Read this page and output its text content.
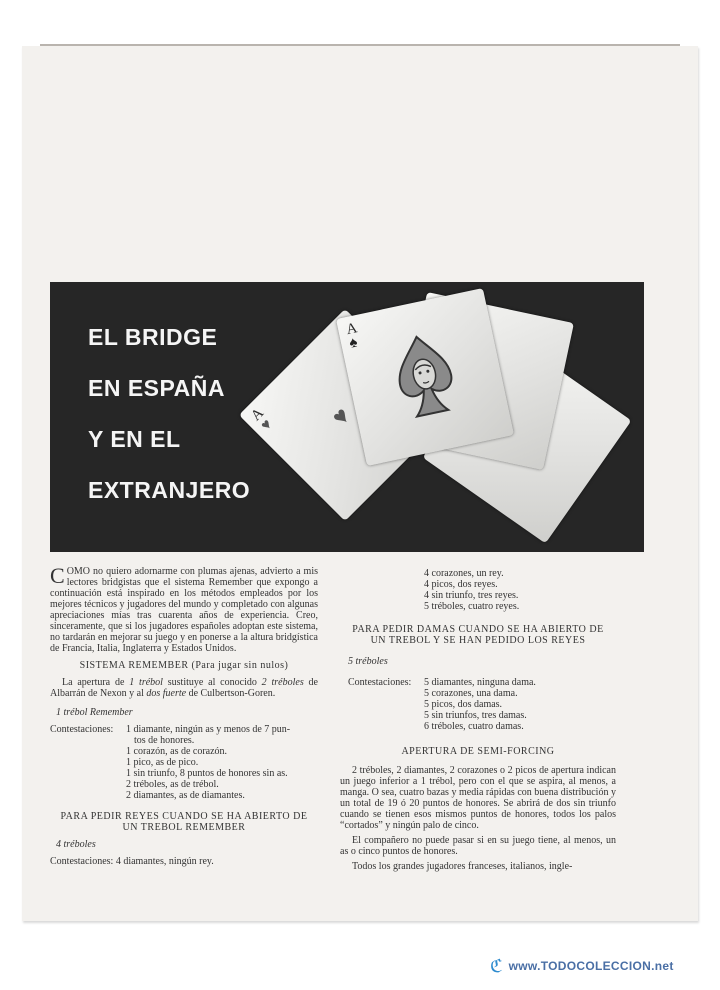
EL BRIDGE
EN ESPAÑA
Y EN EL
EXTRANJERO
A
♥ ♥
A
♠

COMO no quiero adornarme con plumas ajenas, advierto a mis lectores bridgistas que el sistema Remember que expongo a continuación está inspirado en los métodos empleados por los mejores técnicos y jugadores del mundo y completado con algunas apreciaciones mías tras cuarenta años de experiencia. Creo, sinceramente, que si los jugadores españoles adoptan este sistema, no tardarán en mejorar su juego y en ponerse a la altura bridgística de Francia, Italia, Inglaterra y Estados Unidos.

SISTEMA REMEMBER (Para jugar sin nulos)

La apertura de 1 trébol sustituye al conocido 2 tréboles de Albarrán de Nexon y al dos fuerte de Culbertson-Goren.

1 trébol Remember

Contestaciones: 1 diamante, ningún as y menos de 7 pun-
tos de honores.
1 corazón, as de corazón.
1 pico, as de pico.
1 sin triunfo, 8 puntos de honores sin as.
2 tréboles, as de trébol.
2 diamantes, as de diamantes.

PARA PEDIR REYES CUANDO SE HA ABIERTO DE
UN TREBOL REMEMBER

4 tréboles

Contestaciones: 4 diamantes, ningún rey.

4 corazones, un rey.
4 picos, dos reyes.
4 sin triunfo, tres reyes.
5 tréboles, cuatro reyes.

PARA PEDIR DAMAS CUANDO SE HA ABIERTO DE
UN TREBOL Y SE HAN PEDIDO LOS REYES

5 tréboles

Contestaciones: 5 diamantes, ninguna dama.
5 corazones, una dama.
5 picos, dos damas.
5 sin triunfos, tres damas.
6 tréboles, cuatro damas.

APERTURA DE SEMI-FORCING

2 tréboles, 2 diamantes, 2 corazones o 2 picos de apertura indican un juego inferior a 1 trébol, pero con el que se aspira, al menos, a manga. O sea, cuatro bazas y media rápidas con buena distribución y un total de 19 ó 20 puntos de honores. Se abrirá de dos sin triunfo cuando se tienen esos mismos puntos de honores, todos los palos “cortados” y ningún palo de cinco.

El compañero no puede pasar si en su juego tiene, al menos, un as o cinco puntos de honores.

Todos los grandes jugadores franceses, italianos, ingle-

ℭ www.TODOCOLECCION.net
